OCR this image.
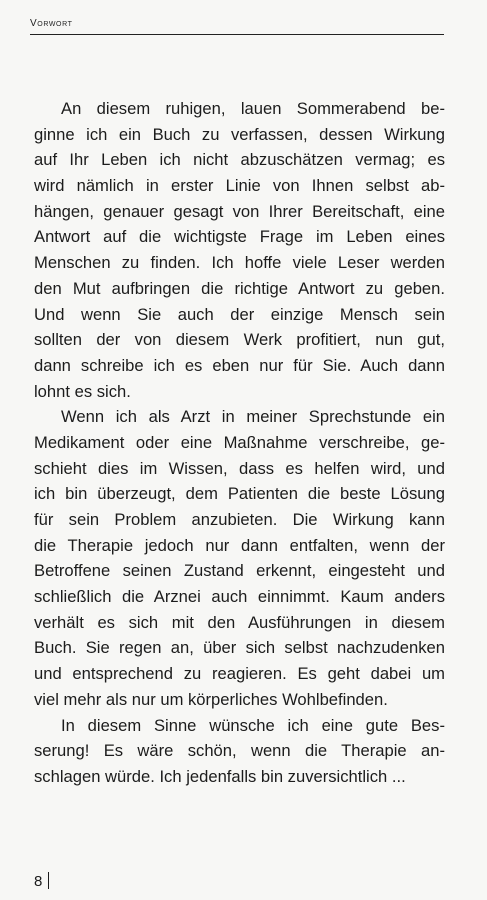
Vorwort
An diesem ruhigen, lauen Sommerabend be-
ginne ich ein Buch zu verfassen, dessen Wirkung
auf Ihr Leben ich nicht abzuschätzen vermag; es
wird nämlich in erster Linie von Ihnen selbst ab-
hängen, genauer gesagt von Ihrer Bereitschaft, eine
Antwort auf die wichtigste Frage im Leben eines
Menschen zu finden. Ich hoffe viele Leser werden
den Mut aufbringen die richtige Antwort zu geben.
Und wenn Sie auch der einzige Mensch sein
sollten der von diesem Werk profitiert, nun gut,
dann schreibe ich es eben nur für Sie. Auch dann
lohnt es sich.
Wenn ich als Arzt in meiner Sprechstunde ein
Medikament oder eine Maßnahme verschreibe, ge-
schieht dies im Wissen, dass es helfen wird, und
ich bin überzeugt, dem Patienten die beste Lösung
für sein Problem anzubieten. Die Wirkung kann
die Therapie jedoch nur dann entfalten, wenn der
Betroffene seinen Zustand erkennt, eingesteht und
schließlich die Arznei auch einnimmt. Kaum anders
verhält es sich mit den Ausführungen in diesem
Buch. Sie regen an, über sich selbst nachzudenken
und entsprechend zu reagieren. Es geht dabei um
viel mehr als nur um körperliches Wohlbefinden.
In diesem Sinne wünsche ich eine gute Bes-
serung! Es wäre schön, wenn die Therapie an-
schlagen würde. Ich jedenfalls bin zuversichtlich ...
8
